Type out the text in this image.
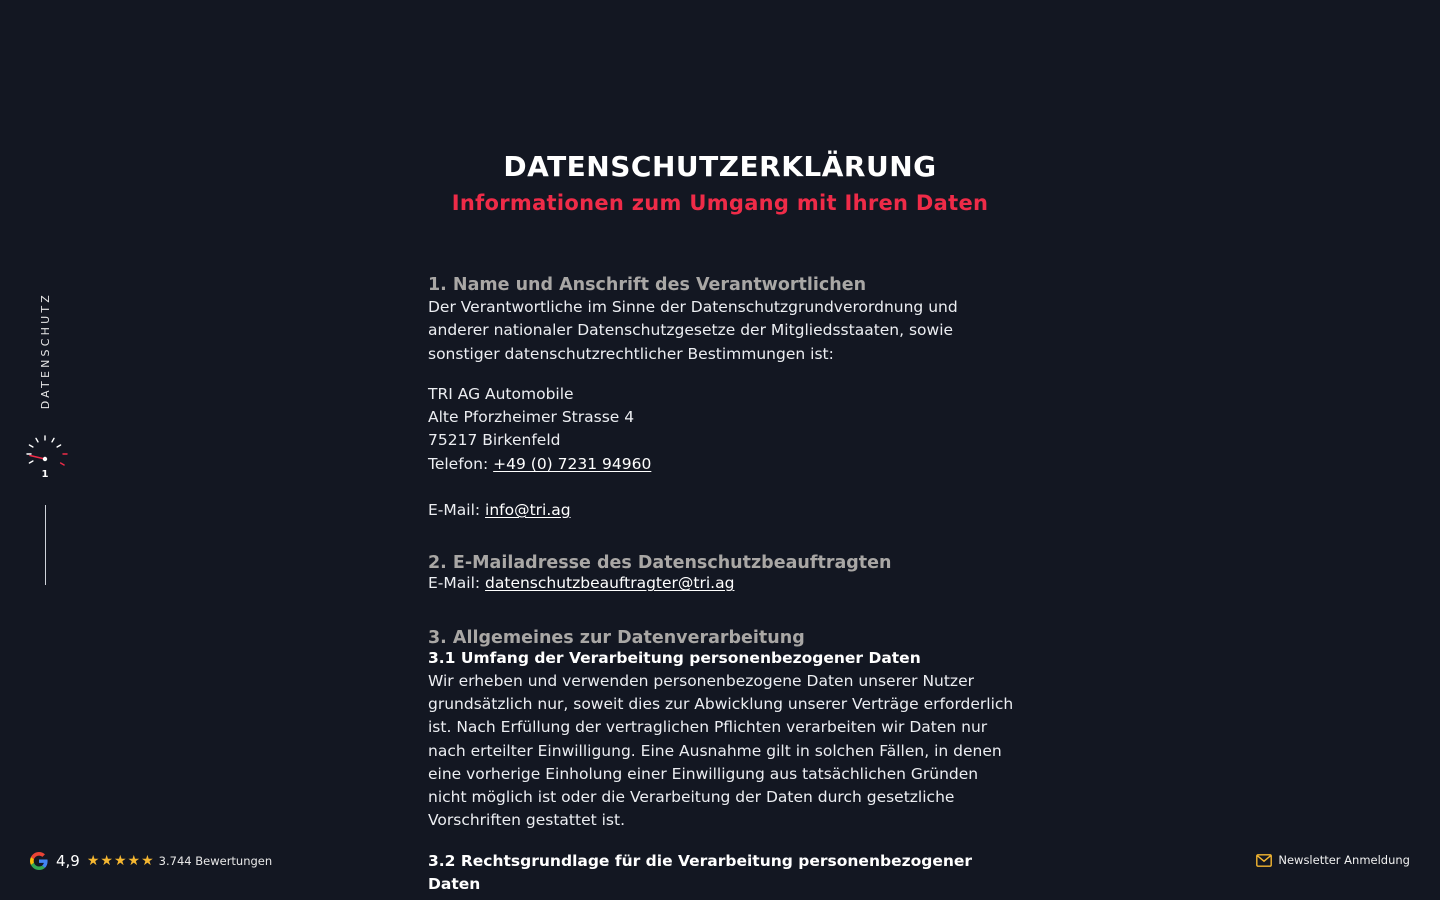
DATENSCHUTZERKLÄRUNG
Informationen zum Umgang mit Ihren Daten
DATENSCHUTZ
1
1. Name und Anschrift des Verantwortlichen

Der Verantwortliche im Sinne der Datenschutzgrundverordnung und anderer nationaler Datenschutzgesetze der Mitgliedsstaaten, sowie sonstiger datenschutzrechtlicher Bestimmungen ist:

TRI AG Automobile
Alte Pforzheimer Strasse 4
75217 Birkenfeld
Telefon: +49 (0) 7231 94960
E-Mail: info@tri.ag
2. E-Mailadresse des Datenschutzbeauftragten
E-Mail: datenschutzbeauftragter@tri.ag
3. Allgemeines zur Datenverarbeitung
3.1 Umfang der Verarbeitung personenbezogener Daten

Wir erheben und verwenden personenbezogene Daten unserer Nutzer grundsätzlich nur, soweit dies zur Abwicklung unserer Verträge erforderlich ist. Nach Erfüllung der vertraglichen Pflichten verarbeiten wir Daten nur nach erteilter Einwilligung. Eine Ausnahme gilt in solchen Fällen, in denen eine vorherige Einholung einer Einwilligung aus tatsächlichen Gründen nicht möglich ist oder die Verarbeitung der Daten durch gesetzliche Vorschriften gestattet ist.

3.2 Rechtsgrundlage für die Verarbeitung personenbezogener Daten
4,9 ★ ★ ★ ★ ★ 3.744 Bewertungen	Newsletter Anmeldung
